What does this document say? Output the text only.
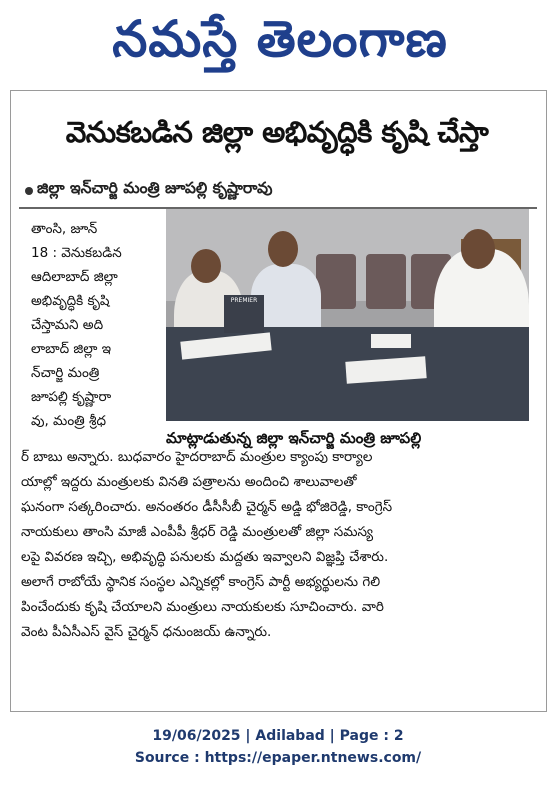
నమస్తే తెలంగాణ
వెనుకబడిన జిల్లా అభివృద్ధికి కృషి చేస్తా
జిల్లా ఇన్‌చార్జి మంత్రి జూపల్లి కృష్ణారావు
తాంసి, జూన్
18 : వెనుకబడిన
ఆదిలాబాద్ జిల్లా
అభివృద్ధికి కృషి
చేస్తామని అది
లాబాద్ జిల్లా ఇ
న్‌చార్జి మంత్రి
జూపల్లి కృష్ణారా
వు, మంత్రి శ్రీధ
PREMIER
మాట్లాడుతున్న జిల్లా ఇన్‌చార్జి మంత్రి జూపల్లి
ర్ బాబు అన్నారు. బుధవారం హైదరాబాద్ మంత్రుల క్యాంపు కార్యాల
యాల్లో ఇద్దరు మంత్రులకు వినతి పత్రాలను అందించి శాలువాలతో
ఘనంగా సత్కరించారు. అనంతరం డీసీసీబీ చైర్మన్ అడ్డి భోజిరెడ్డి, కాంగ్రెస్
నాయకులు తాంసి మాజీ ఎంపీపీ శ్రీధర్ రెడ్డి మంత్రులతో జిల్లా సమస్య
లపై వివరణ ఇచ్చి, అభివృద్ధి పనులకు మద్దతు ఇవ్వాలని విజ్ఞప్తి చేశారు.
అలాగే రాబోయే స్థానిక సంస్థల ఎన్నికల్లో కాంగ్రెస్ పార్టీ అభ్యర్థులను గెలి
పించేందుకు కృషి చేయాలని మంత్రులు నాయకులకు సూచించారు. వారి
వెంట పీఏసీఎస్ వైస్ చైర్మన్ ధనుంజయ్ ఉన్నారు.
19/06/2025 | Adilabad | Page : 2
Source : https://epaper.ntnews.com/
